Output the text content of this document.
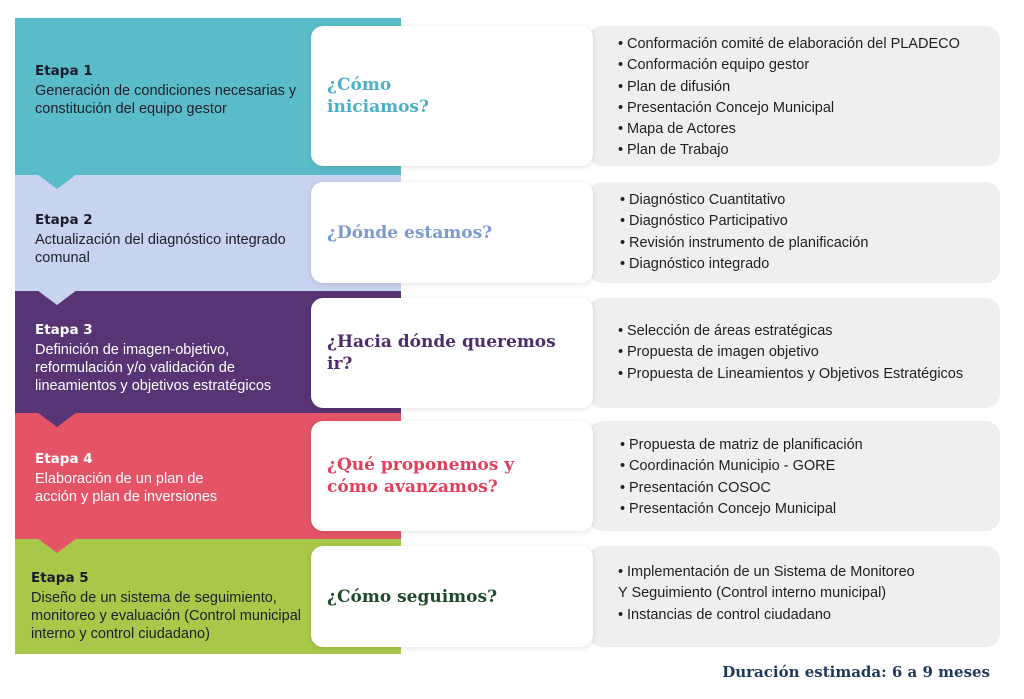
Etapa 1
Generación de condiciones necesarias y constitución del equipo gestor
¿Cómo iniciamos?
• Conformación comité de elaboración del PLADECO
• Conformación equipo gestor
• Plan de difusión
• Presentación Concejo Municipal
• Mapa de Actores
• Plan de Trabajo
Etapa 2
Actualización del diagnóstico integrado comunal
¿Dónde estamos?
• Diagnóstico Cuantitativo
• Diagnóstico Participativo
• Revisión instrumento de planificación
• Diagnóstico integrado
Etapa 3
Definición de imagen-objetivo, reformulación y/o validación de lineamientos y objetivos estratégicos
¿Hacia dónde queremos ir?
• Selección de áreas estratégicas
• Propuesta de imagen objetivo
• Propuesta de Lineamientos y Objetivos Estratégicos
Etapa 4
Elaboración de un plan de acción y plan de inversiones
¿Qué proponemos y cómo avanzamos?
• Propuesta de matriz de planificación
• Coordinación Municipio - GORE
• Presentación COSOC
• Presentación Concejo Municipal
Etapa 5
Diseño de un sistema de seguimiento, monitoreo y evaluación (Control municipal interno y control ciudadano)
¿Cómo seguimos?
• Implementación de un Sistema de Monitoreo
Y Seguimiento (Control interno municipal)
• Instancias de control ciudadano
Duración estimada: 6 a 9 meses
